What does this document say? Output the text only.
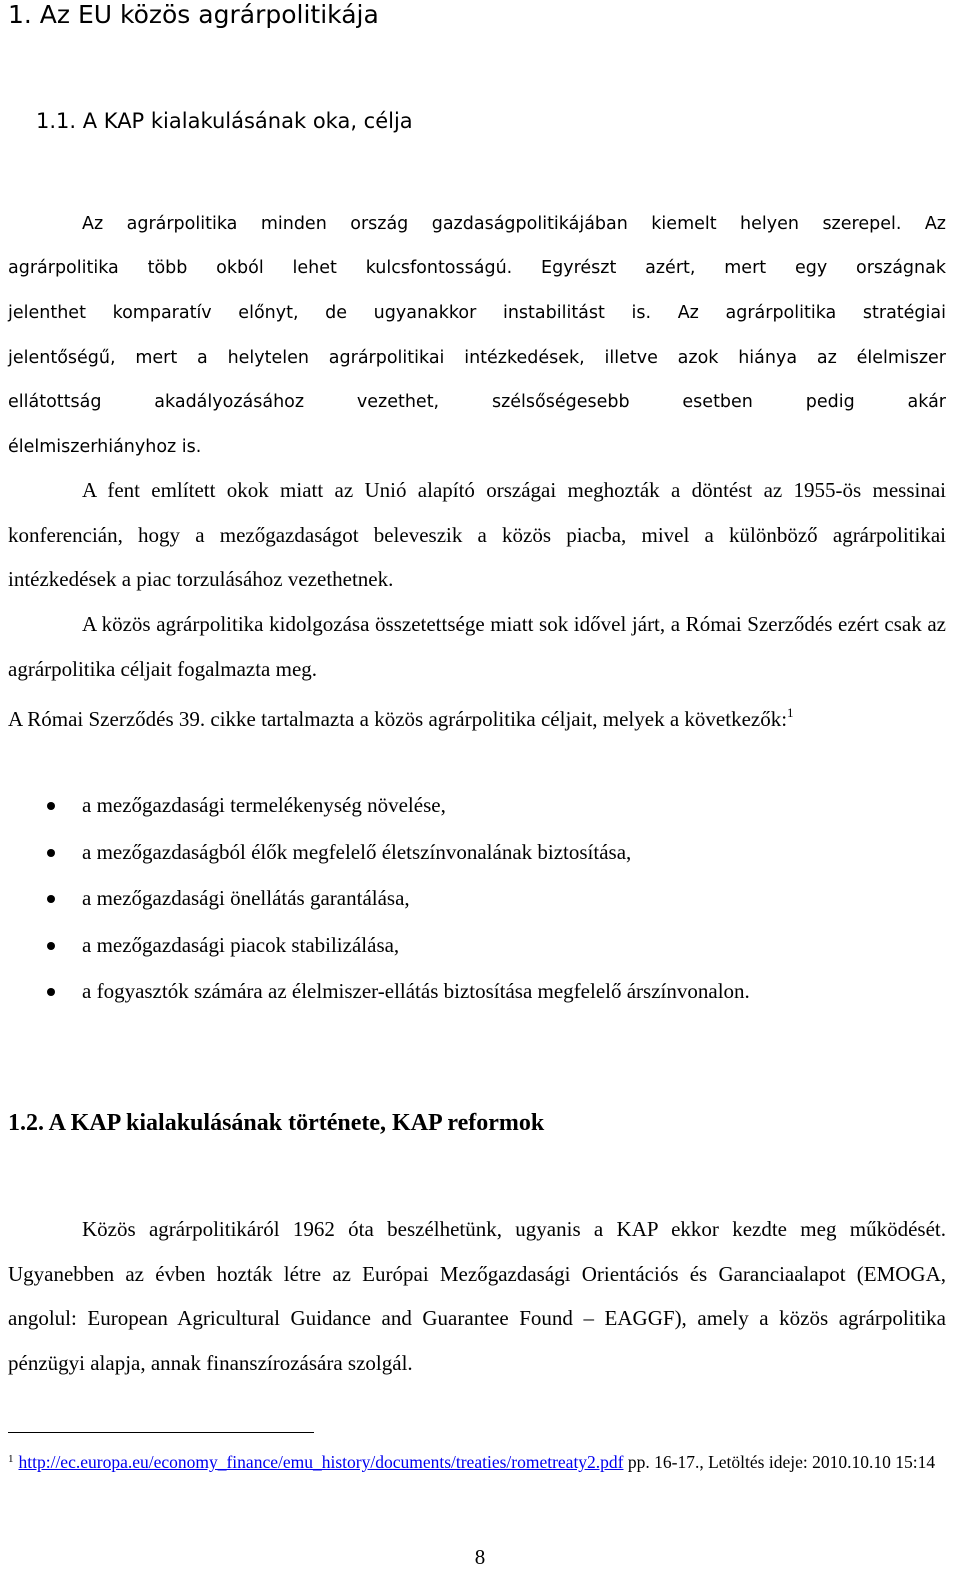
1. Az EU közös agrárpolitikája
1.1. A KAP kialakulásának oka, célja
Az agrárpolitika minden ország gazdaságpolitikájában kiemelt helyen szerepel. Az
agrárpolitika több okból lehet kulcsfontosságú. Egyrészt azért, mert egy országnak
jelenthet komparatív előnyt, de ugyanakkor instabilitást is. Az agrárpolitika stratégiai
jelentőségű, mert a helytelen agrárpolitikai intézkedések, illetve azok hiánya az élelmiszer
ellátottság akadályozásához vezethet, szélsőségesebb esetben pedig akár
élelmiszerhiányhoz is.
A fent említett okok miatt az Unió alapító országai meghozták a döntést az 1955-ös messinai konferencián, hogy a mezőgazdaságot beleveszik a közös piacba, mivel a különböző agrárpolitikai intézkedések a piac torzulásához vezethetnek.
A közös agrárpolitika kidolgozása összetettsége miatt sok idővel járt, a Római Szerződés ezért csak az agrárpolitika céljait fogalmazta meg.
A Római Szerződés 39. cikke tartalmazta a közös agrárpolitika céljait, melyek a következők:$^1$
a mezőgazdasági termelékenység növelése,
a mezőgazdaságból élők megfelelő életszínvonalának biztosítása,
a mezőgazdasági önellátás garantálása,
a mezőgazdasági piacok stabilizálása,
a fogyasztók számára az élelmiszer-ellátás biztosítása megfelelő árszínvonalon.
1.2. A KAP kialakulásának története, KAP reformok
Közös agrárpolitikáról 1962 óta beszélhetünk, ugyanis a KAP ekkor kezdte meg működését. Ugyanebben az évben hozták létre az Európai Mezőgazdasági Orientációs és Garanciaalapot (EMOGA, angolul: European Agricultural Guidance and Guarantee Found – EAGGF), amely a közös agrárpolitika pénzügyi alapja, annak finanszírozására szolgál.
$^1$ http://ec.europa.eu/economy_finance/emu_history/documents/treaties/rometreaty2.pdf pp. 16-17., Letöltés ideje: 2010.10.10 15:14
8
